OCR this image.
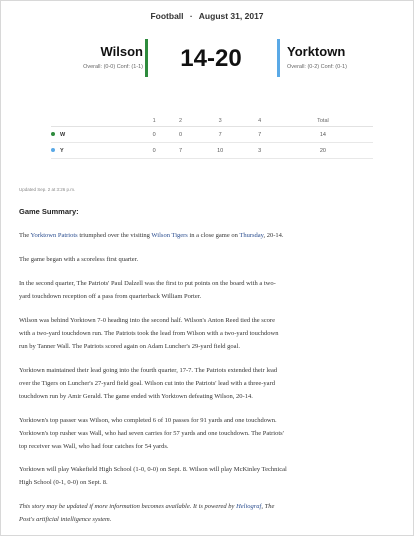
Football · August 31, 2017
Wilson
Overall: (0-0) Conf: (1-1)	14-20	Yorktown
Overall: (0-2) Conf: (0-1)
	1	2	3	4	Total
W	0	0	7	7	14
Y	0	7	10	3	20
Updated Sep. 2 at 3:26 p.m.
Game Summary:

The Yorktown Patriots triumphed over the visiting Wilson Tigers in a close game on Thursday, 20-14.

The game began with a scoreless first quarter.

In the second quarter, The Patriots' Paul Dalzell was the first to put points on the board with a two-
yard touchdown reception off a pass from quarterback William Porter.

Wilson was behind Yorktown 7-0 heading into the second half. Wilson's Anton Reed tied the score
with a two-yard touchdown run. The Patriots took the lead from Wilson with a two-yard touchdown
run by Tanner Wall. The Patriots scored again on Adam Luncher's 29-yard field goal.

Yorktown maintained their lead going into the fourth quarter, 17-7. The Patriots extended their lead
over the Tigers on Luncher's 27-yard field goal. Wilson cut into the Patriots' lead with a three-yard
touchdown run by Amir Gerald. The game ended with Yorktown defeating Wilson, 20-14.

Yorktown's top passer was Wilson, who completed 6 of 10 passes for 91 yards and one touchdown.
Yorktown's top rusher was Wall, who had seven carries for 57 yards and one touchdown. The Patriots'
top receiver was Wall, who had four catches for 54 yards.

Yorktown will play Wakefield High School (1-0, 0-0) on Sept. 8. Wilson will play McKinley Technical
High School (0-1, 0-0) on Sept. 8.

This story may be updated if more information becomes available. It is powered by Heliograf, The
Post's artificial intelligence system.
